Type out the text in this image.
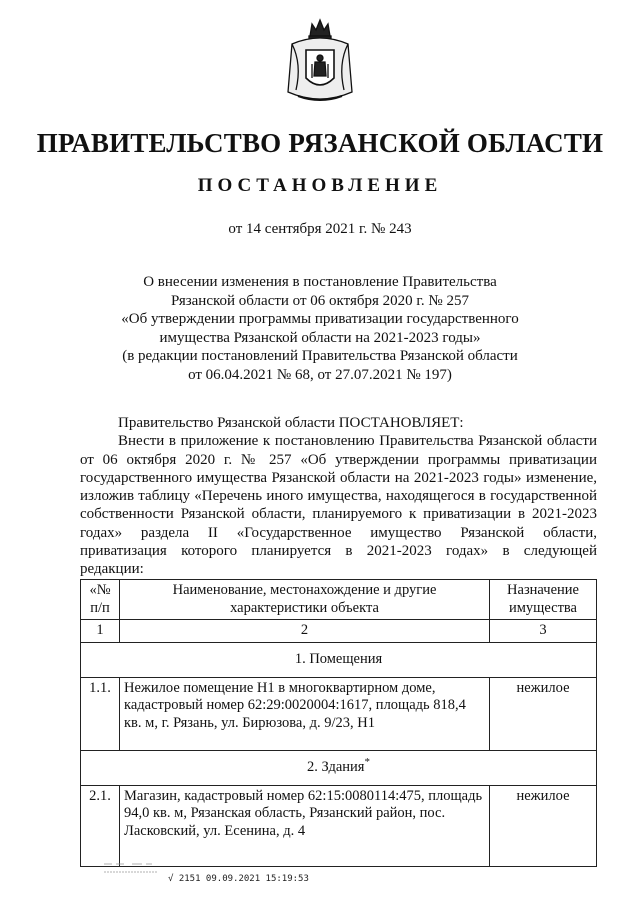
ПРАВИТЕЛЬСТВО РЯЗАНСКОЙ ОБЛАСТИ
ПОСТАНОВЛЕНИЕ
от 14 сентября 2021 г. № 243
О внесении изменения в постановление Правительства
Рязанской области от 06 октября 2020 г. № 257
«Об утверждении программы приватизации государственного
имущества Рязанской области на 2021-2023 годы»
(в редакции постановлений Правительства Рязанской области
от 06.04.2021 № 68, от 27.07.2021 № 197)
Правительство Рязанской области ПОСТАНОВЛЯЕТ:
Внести в приложение к постановлению Правительства Рязанской области
от 06 октября 2020 г. № 257 «Об утверждении программы приватизации
государственного имущества Рязанской области на 2021-2023 годы» изменение,
изложив таблицу «Перечень иного имущества, находящегося в государственной
собственности Рязанской области, планируемого к приватизации в 2021-2023
годах» раздела II «Государственное имущество Рязанской области,
приватизация которого планируется в 2021-2023 годах» в следующей
редакции:
«№ п/п	Наименование, местонахождение и другие характеристики объекта	Назначение имущества
1	2	3
1. Помещения		
1.1.	Нежилое помещение Н1 в многоквартирном доме, кадастровый номер 62:29:0020004:1617, площадь 818,4 кв. м, г. Рязань, ул. Бирюзова, д. 9/23, Н1	нежилое
2. Здания*
2.1.	Магазин, кадастровый номер 62:15:0080114:475, площадь 94,0 кв. м, Рязанская область, Рязанский район, пос. Ласковский, ул. Есенина, д. 4	нежилое
√ 2151 09.09.2021 15:19:53
